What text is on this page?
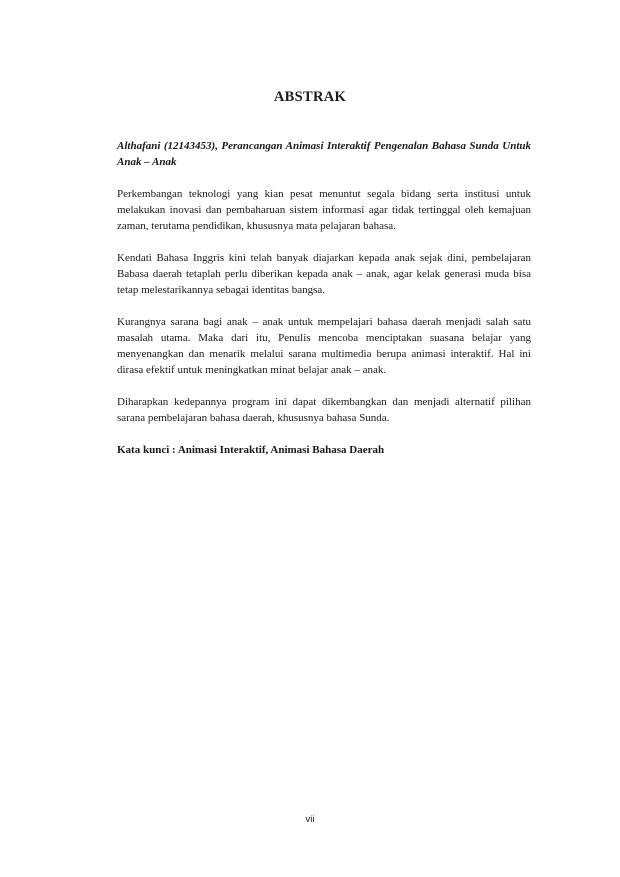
ABSTRAK

Althafani (12143453), Perancangan Animasi Interaktif Pengenalan Bahasa Sunda Untuk Anak – Anak

Perkembangan teknologi yang kian pesat menuntut segala bidang serta institusi untuk melakukan inovasi dan pembaharuan sistem informasi agar tidak tertinggal oleh kemajuan zaman, terutama pendidikan, khususnya mata pelajaran bahasa.

Kendati Bahasa Inggris kini telah banyak diajarkan kepada anak sejak dini, pembelajaran Babasa daerah tetaplah perlu diberikan kepada anak – anak, agar kelak generasi muda bisa tetap melestarikannya sebagai identitas bangsa.

Kurangnya sarana bagi anak – anak untuk mempelajari bahasa daerah menjadi salah satu masalah utama. Maka dari itu, Penulis mencoba menciptakan suasana belajar yang menyenangkan dan menarik melalui sarana multimedia berupa animasi interaktif. Hal ini dirasa efektif untuk meningkatkan minat belajar anak – anak.

Diharapkan kedepannya program ini dapat dikembangkan dan menjadi alternatif pilihan sarana pembelajaran bahasa daerah, khususnya bahasa Sunda.

Kata kunci : Animasi Interaktif, Animasi Bahasa Daerah

vii
